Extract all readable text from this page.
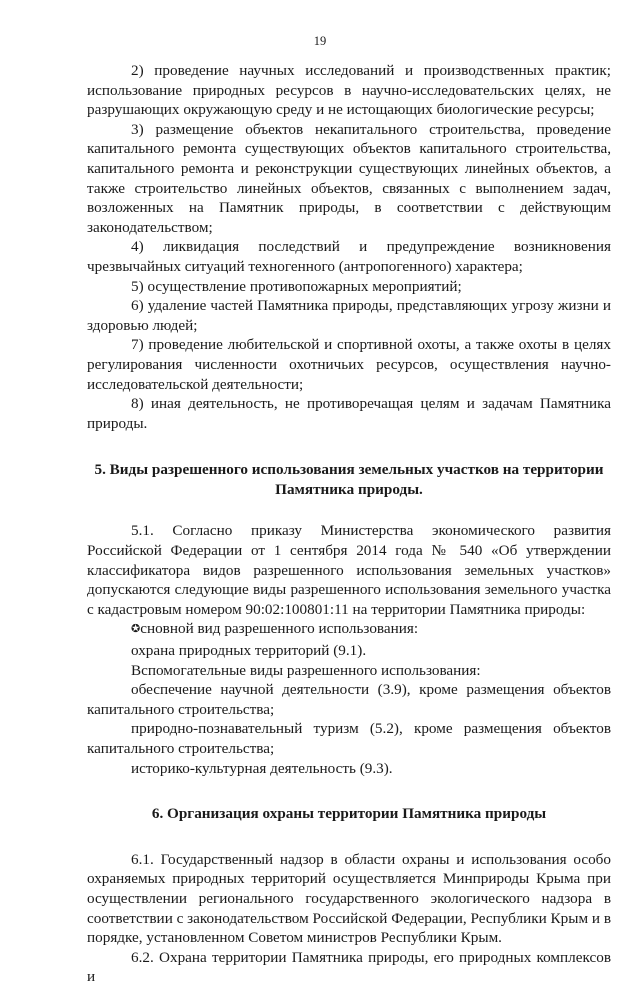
19

2) проведение научных исследований и производственных практик; использование природных ресурсов в научно-исследовательских целях, не разрушающих окружающую среду и не истощающих биологические ресурсы;

3) размещение объектов некапитального строительства, проведение капитального ремонта существующих объектов капитального строительства, капитального ремонта и реконструкции существующих линейных объектов, а также строительство линейных объектов, связанных с выполнением задач, возложенных на Памятник природы, в соответствии с действующим законодательством;

4) ликвидация последствий и предупреждение возникновения чрезвычайных ситуаций техногенного (антропогенного) характера;

5) осуществление противопожарных мероприятий;

6) удаление частей Памятника природы, представляющих угрозу жизни и здоровью людей;

7) проведение любительской и спортивной охоты, а также охоты в целях регулирования численности охотничьих ресурсов, осуществления научно-исследовательской деятельности;

8) иная деятельность, не противоречащая целям и задачам Памятника природы.

5. Виды разрешенного использования земельных участков на территории Памятника природы.

5.1. Согласно приказу Министерства экономического развития Российской Федерации от 1 сентября 2014 года № 540 «Об утверждении классификатора видов разрешенного использования земельных участков» допускаются следующие виды разрешенного использования земельного участка с кадастровым номером 90:02:100801:11 на территории Памятника природы:

✪сновной вид разрешенного использования:

охрана природных территорий (9.1).

Вспомогательные виды разрешенного использования:

обеспечение научной деятельности (3.9), кроме размещения объектов капитального строительства;

природно-познавательный туризм (5.2), кроме размещения объектов капитального строительства;

историко-культурная деятельность (9.3).

6. Организация охраны территории Памятника природы

6.1. Государственный надзор в области охраны и использования особо охраняемых природных территорий осуществляется Минприроды Крыма при осуществлении регионального государственного экологического надзора в соответствии с законодательством Российской Федерации, Республики Крым и в порядке, установленном Советом министров Республики Крым.

6.2. Охрана территории Памятника природы, его природных комплексов и
